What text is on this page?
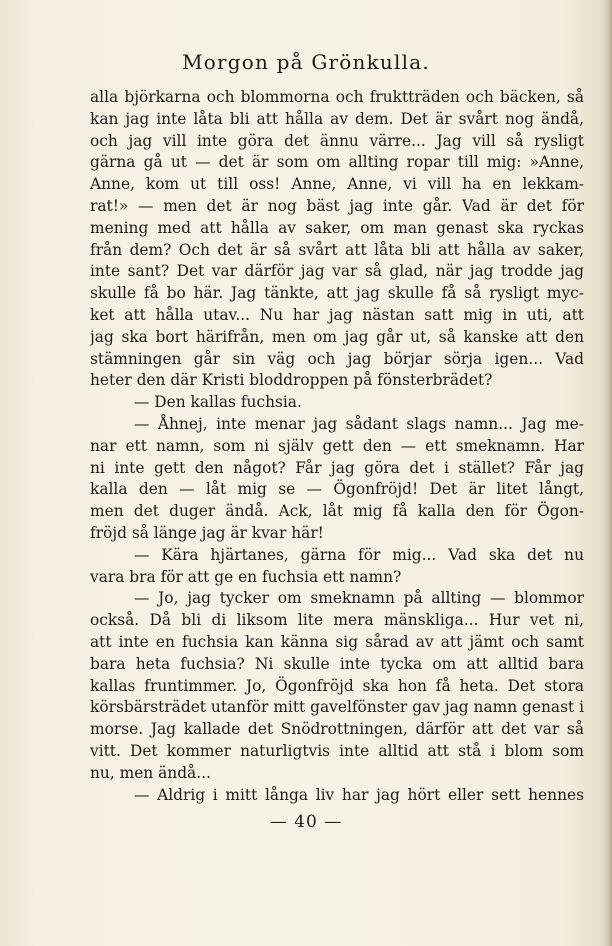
Morgon på Grönkulla.
alla björkarna och blommorna och fruktträden och bäcken, så
kan jag inte låta bli att hålla av dem. Det är svårt nog ändå,
och jag vill inte göra det ännu värre... Jag vill så rysligt
gärna gå ut — det är som om allting ropar till mig: »Anne,
Anne, kom ut till oss! Anne, Anne, vi vill ha en lekkam-
rat!» — men det är nog bäst jag inte går. Vad är det för
mening med att hålla av saker, om man genast ska ryckas
från dem? Och det är så svårt att låta bli att hålla av saker,
inte sant? Det var därför jag var så glad, när jag trodde jag
skulle få bo här. Jag tänkte, att jag skulle få så rysligt myc-
ket att hålla utav... Nu har jag nästan satt mig in uti, att
jag ska bort härifrån, men om jag går ut, så kanske att den
stämningen går sin väg och jag börjar sörja igen... Vad
heter den där Kristi bloddroppen på fönsterbrädet?
— Den kallas fuchsia.
— Åhnej, inte menar jag sådant slags namn... Jag me-
nar ett namn, som ni själv gett den — ett smeknamn. Har
ni inte gett den något? Får jag göra det i stället? Får jag
kalla den — låt mig se — Ögonfröjd! Det är litet långt,
men det duger ändå. Ack, låt mig få kalla den för Ögon-
fröjd så länge jag är kvar här!
— Kära hjärtanes, gärna för mig... Vad ska det nu
vara bra för att ge en fuchsia ett namn?
— Jo, jag tycker om smeknamn på allting — blommor
också. Då bli di liksom lite mera mänskliga... Hur vet ni,
att inte en fuchsia kan känna sig sårad av att jämt och samt
bara heta fuchsia? Ni skulle inte tycka om att alltid bara
kallas fruntimmer. Jo, Ögonfröjd ska hon få heta. Det stora
körsbärsträdet utanför mitt gavelfönster gav jag namn genast i
morse. Jag kallade det Snödrottningen, därför att det var så
vitt. Det kommer naturligtvis inte alltid att stå i blom som
nu, men ändå...
— Aldrig i mitt långa liv har jag hört eller sett hennes
— 40 —
